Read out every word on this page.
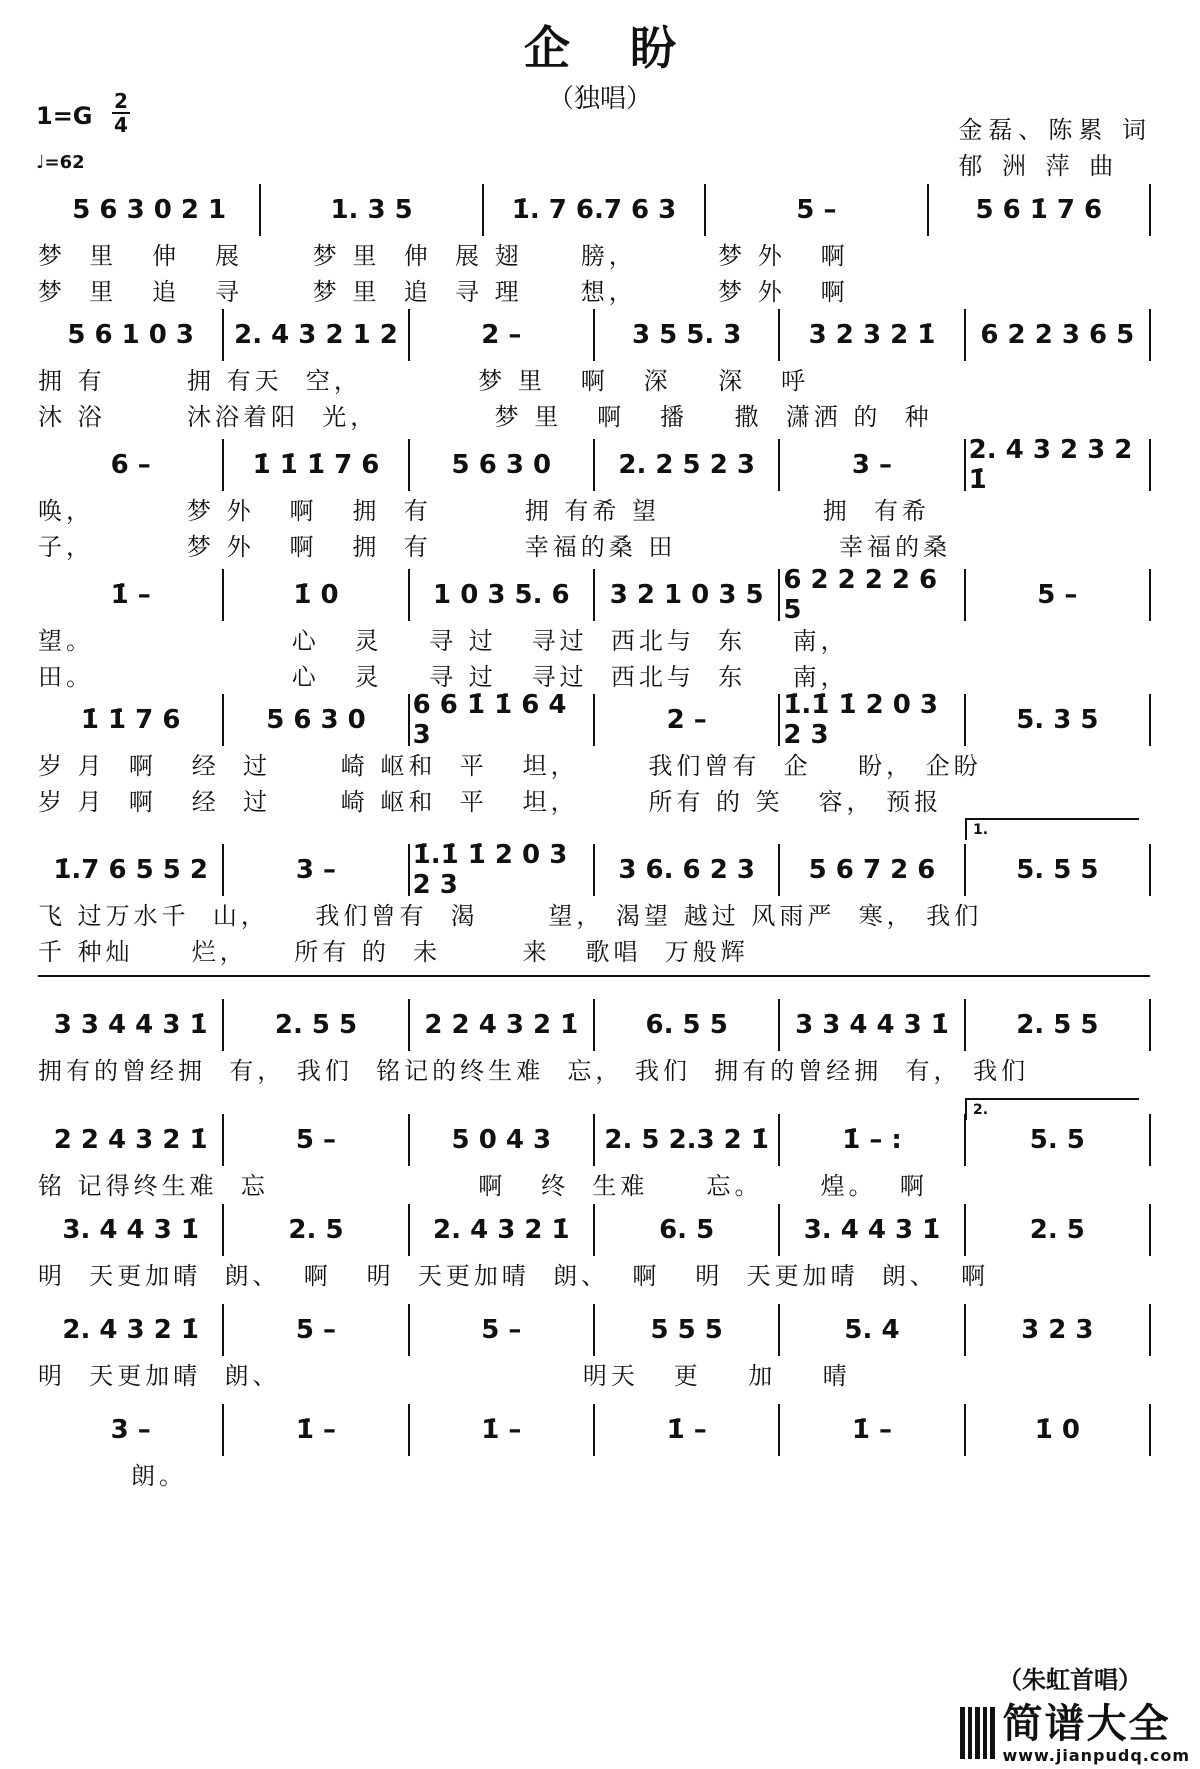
企盼
（独唱）
1=G
2
4
♩=62
金磊、陈累 词
郁 洲 萍 曲
5 6 3 0 2 1	1. 3 5	1̇. 7 6.7 6 3	5 –	5 6 1̇ 7 6
梦  里   伸   展      梦 里  伸  展 翅     膀，       梦 外   啊
梦  里   追   寻      梦 里  追  寻 理     想，       梦 外   啊
5 6 1 0 3	2. 4 3 2 1 2	2 –	3 5 5. 3	3 2 3 2 1̇	6 2 2 3 6 5
拥 有       拥 有天  空，          梦 里   啊   深    深   呼
沐 浴       沐浴着阳  光，          梦 里   啊   播    撒  潇洒 的  种
6 –	1̇ 1̇ 1̇ 7 6	5 6 3 0	2. 2 5 2 3	3 –	2. 4 3 2 3 2 1̇
唤，        梦 外   啊   拥  有        拥 有希 望              拥  有希
子，        梦 外   啊   拥  有        幸福的桑 田              幸福的桑
1̇ –	1̇ 0	1 0 3 5. 6	3 2 1 0 3 5 6 2 2 2 2 6 5	5 –
望。                 心   灵    寻 过   寻过  西北与  东    南，
田。                 心   灵    寻 过   寻过  西北与  东    南，
1̇ 1̇ 7 6	5 6 3 0	6 6 1̇ 1̇ 6 4 3	2 –	1̇.1̇ 1̇ 2 0 3 2 3	5. 3 5
岁 月  啊   经  过      崎 岖和  平   坦，      我们曾有  企    盼， 企盼
岁 月  啊   经  过      崎 岖和  平   坦，      所有 的 笑   容， 预报
1̇.7 6 5 5 2	3 –	1̇.1̇ 1̇ 2 0 3 2 3	3 6. 6 2 3	5 6 7 2 6	5. 5 5
飞 过万水千  山，    我们曾有  渴      望， 渴望 越过 风雨严  寒， 我们
千 种灿     烂，    所有 的  未       来   歌唱  万般辉
3 3 4 4 3 1̇	2. 5 5	2 2 4 3 2 1̇	6. 5 5	3 3 4 4 3 1̇	2. 5 5
拥有的曾经拥  有， 我们  铭记的终生难  忘， 我们  拥有的曾经拥  有， 我们
2 2 4 3 2 1̇	5 –	5 0 4 3	2. 5 2.3 2 1̇	1̇ – :	5. 5
铭 记得终生难  忘                  啊   终  生难     忘。     煌。  啊
3. 4 4 3 1̇	2. 5	2. 4 3 2 1̇	6. 5	3. 4 4 3 1̇	2. 5
明  天更加晴  朗、  啊   明  天更加晴  朗、  啊   明  天更加晴  朗、  啊
2. 4 3 2 1̇	5 –	5 –	5 5 5	5. 4	3 2 3
明  天更加晴  朗、                          明天   更    加    晴
3 –	1̇ –	1̇ –	1̇ –	1̇ –	1̇ 0
朗。
1.
2.
（朱虹首唱）
简谱大全
www.jianpudq.com
